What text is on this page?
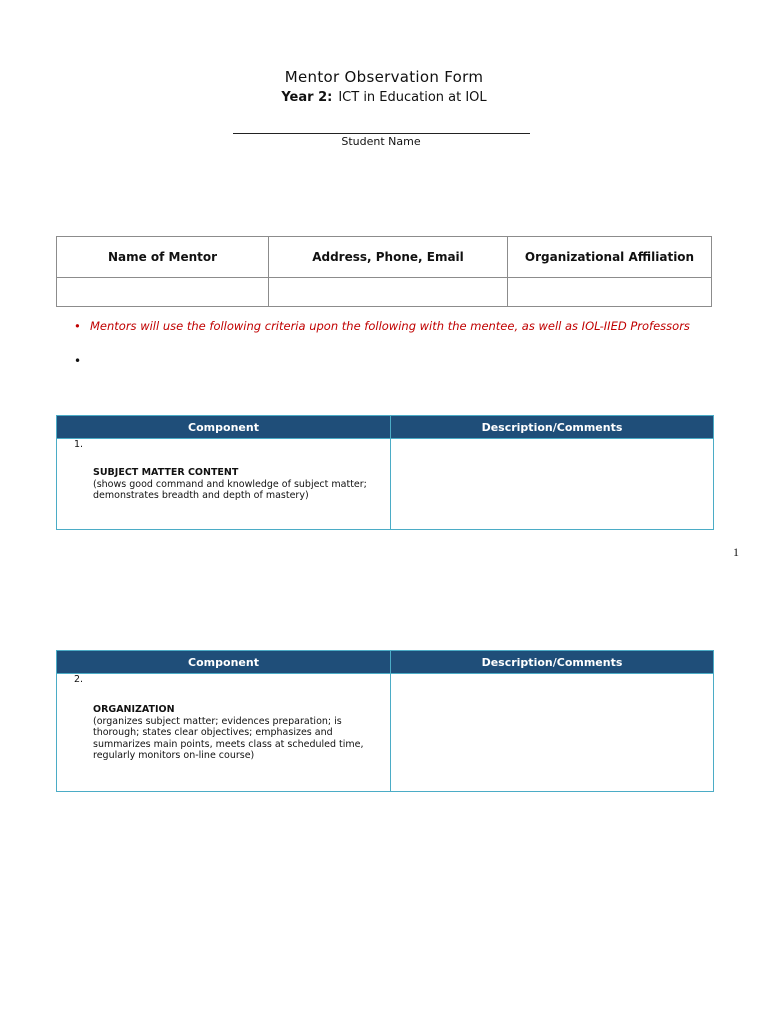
Mentor Observation Form
Year 2: ICT in Education at IOL
Student Name
Name of Mentor	Address, Phone, Email	Organizational Affiliation

• Mentors will use the following criteria upon the following with the mentee, as well as IOL-IIED Professors
•
Component	Description/Comments

1.
SUBJECT MATTER CONTENT
(shows good command and knowledge of subject matter; demonstrates breadth and depth of mastery)	

1
Component	Description/Comments

2.
ORGANIZATION
(organizes subject matter; evidences preparation; is thorough; states clear objectives; emphasizes and summarizes main points, meets class at scheduled time, regularly monitors on-line course)	
